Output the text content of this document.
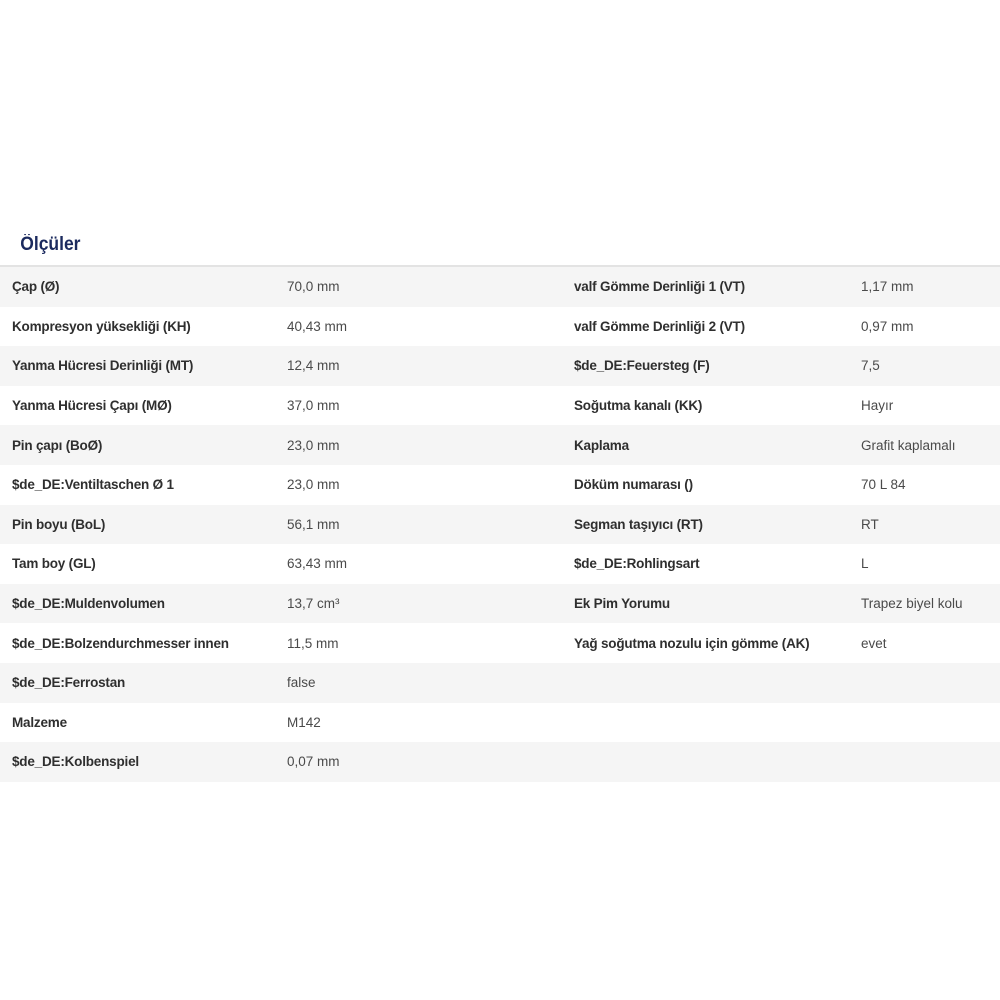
Ölçüler
Çap (Ø)	70,0 mm	valf Gömme Derinliği 1 (VT)	1,17 mm
Kompresyon yüksekliği (KH)	40,43 mm	valf Gömme Derinliği 2 (VT)	0,97 mm
Yanma Hücresi Derinliği (MT)	12,4 mm	$de_DE:Feuersteg (F)	7,5
Yanma Hücresi Çapı (MØ)	37,0 mm	Soğutma kanalı (KK)	Hayır
Pin çapı (BoØ)	23,0 mm	Kaplama	Grafit kaplamalı
$de_DE:Ventiltaschen Ø 1	23,0 mm	Döküm numarası ()	70 L 84
Pin boyu (BoL)	56,1 mm	Segman taşıyıcı (RT)	RT
Tam boy (GL)	63,43 mm	$de_DE:Rohlingsart	L
$de_DE:Muldenvolumen	13,7 cm³	Ek Pim Yorumu	Trapez biyel kolu
$de_DE:Bolzendurchmesser innen	11,5 mm	Yağ soğutma nozulu için gömme (AK)	evet
$de_DE:Ferrostan	false
Malzeme	M142
$de_DE:Kolbenspiel	0,07 mm
